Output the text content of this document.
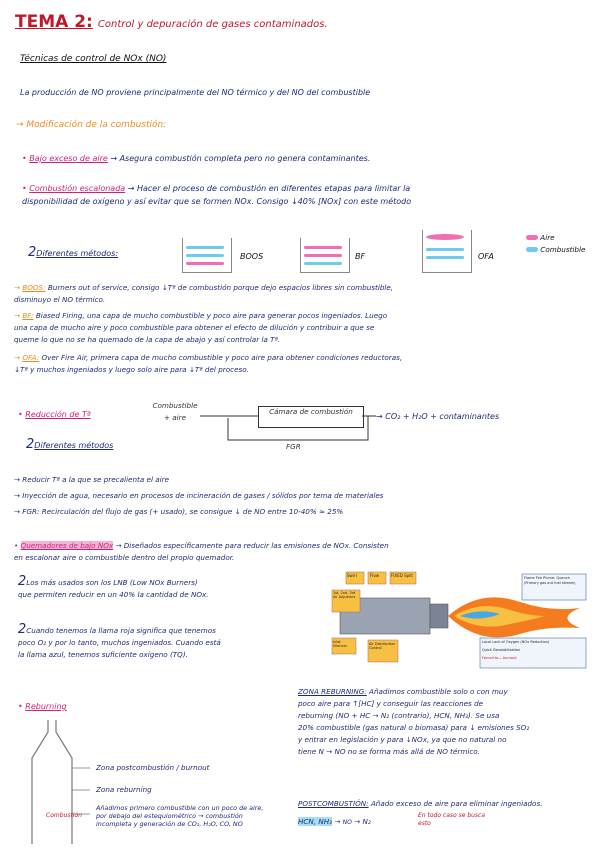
TEMA 2: Control y depuración de gases contaminados.
Técnicas de control de NOx (NO)
La producción de NO proviene principalmente del NO térmico y del NO del combustible
→ Modificación de la combustión:
• Bajo exceso de aire → Asegura combustión completa pero no genera contaminantes.
• Combustión escalonada → Hacer el proceso de combustión en diferentes etapas para limitar la
disponibilidad de oxígeno y así evitar que se formen NOx. Consigo ↓40% [NOx] con este método
2Diferentes métodos:	BOOS	BF	OFA
Aire
Combustible
→ BOOS: Burners out of service, consigo ↓Tª de combustión porque dejo espacios libres sin combustible,
disminuyo el NO térmico.
→ BF: Biased Firing, una capa de mucho combustible y poco aire para generar pocos ingeniados. Luego
una capa de mucho aire y poco combustible para obtener el efecto de dilución y contribuir a que se
queme lo que no se ha quemado de la capa de abajo y así controlar la Tª.
→ OFA: Over Fire Air, primera capa de mucho combustible y poco aire para obtener condiciones reductoras,
↓Tª y muchos ingeniados y luego solo aire para ↓Tª del proceso.
• Reducción de Tª
Combustible + aire
Cámara de combustión
→ CO₂ + H₂O + contaminantes
FGR
2Diferentes métodos
→ Reducir Tª a la que se precalienta el aire
→ Inyección de agua, necesario en procesos de incineración de gases / sólidos por tema de materiales
→ FGR: Recirculación del flujo de gas (+ usado), se consigue ↓ de NO entre 10-40% ≈ 25%
• Quemadores de bajo NOx → Diseñados específicamente para reducir las emisiones de NOx. Consisten
en escalonar aire o combustible dentro del propio quemador.
2Los más usados son los LNB (Low NOx Burners)
que permiten reducir en un 40% la cantidad de NOx.
2Cuando tenemos la llama roja significa que tenemos
poco O₂ y por lo tanto, muchos ingeniados. Cuando está
la llama azul, tenemos suficiente oxígeno (TQ).
Swirl	Flow	FIXED Split
1st, 2nd, 3rd Air Adjusters
Inlet Silencer	Air Distribution Control
Flame Fire Plume: Quench (Primary gas out fuel stream)
Local Lack of Oxygen (NOx Reduction)
Quick Devolatilization
Forced to— burnout
• Reburning
Zona postcombustión / burnout
Zona reburning
Añadimos primero combustible con un poco de aire, por debajo del estequiométrico → combustión incompleta y generación de CO₂, H₂O, CO, NO
Combustión
ZONA REBURNING: Añadimos combustible solo o con muy
poco aire para ↑[HC] y conseguir las reacciones de
reburning (NO + HC → N₂ (contrario), HCN, NH₃). Se usa
20% combustible (gas natural o biomasa) para ↓ emisiones SO₂
y entrar en legislación y para ↓NOx, ya que no natural no
tiene N → NO no se forma más allá de NO térmico.
POSTCOMBUSTIÓN: Añado exceso de aire para eliminar ingeniados.
HCN, NH₃ → NO → N₂
En todo caso se busca esto
